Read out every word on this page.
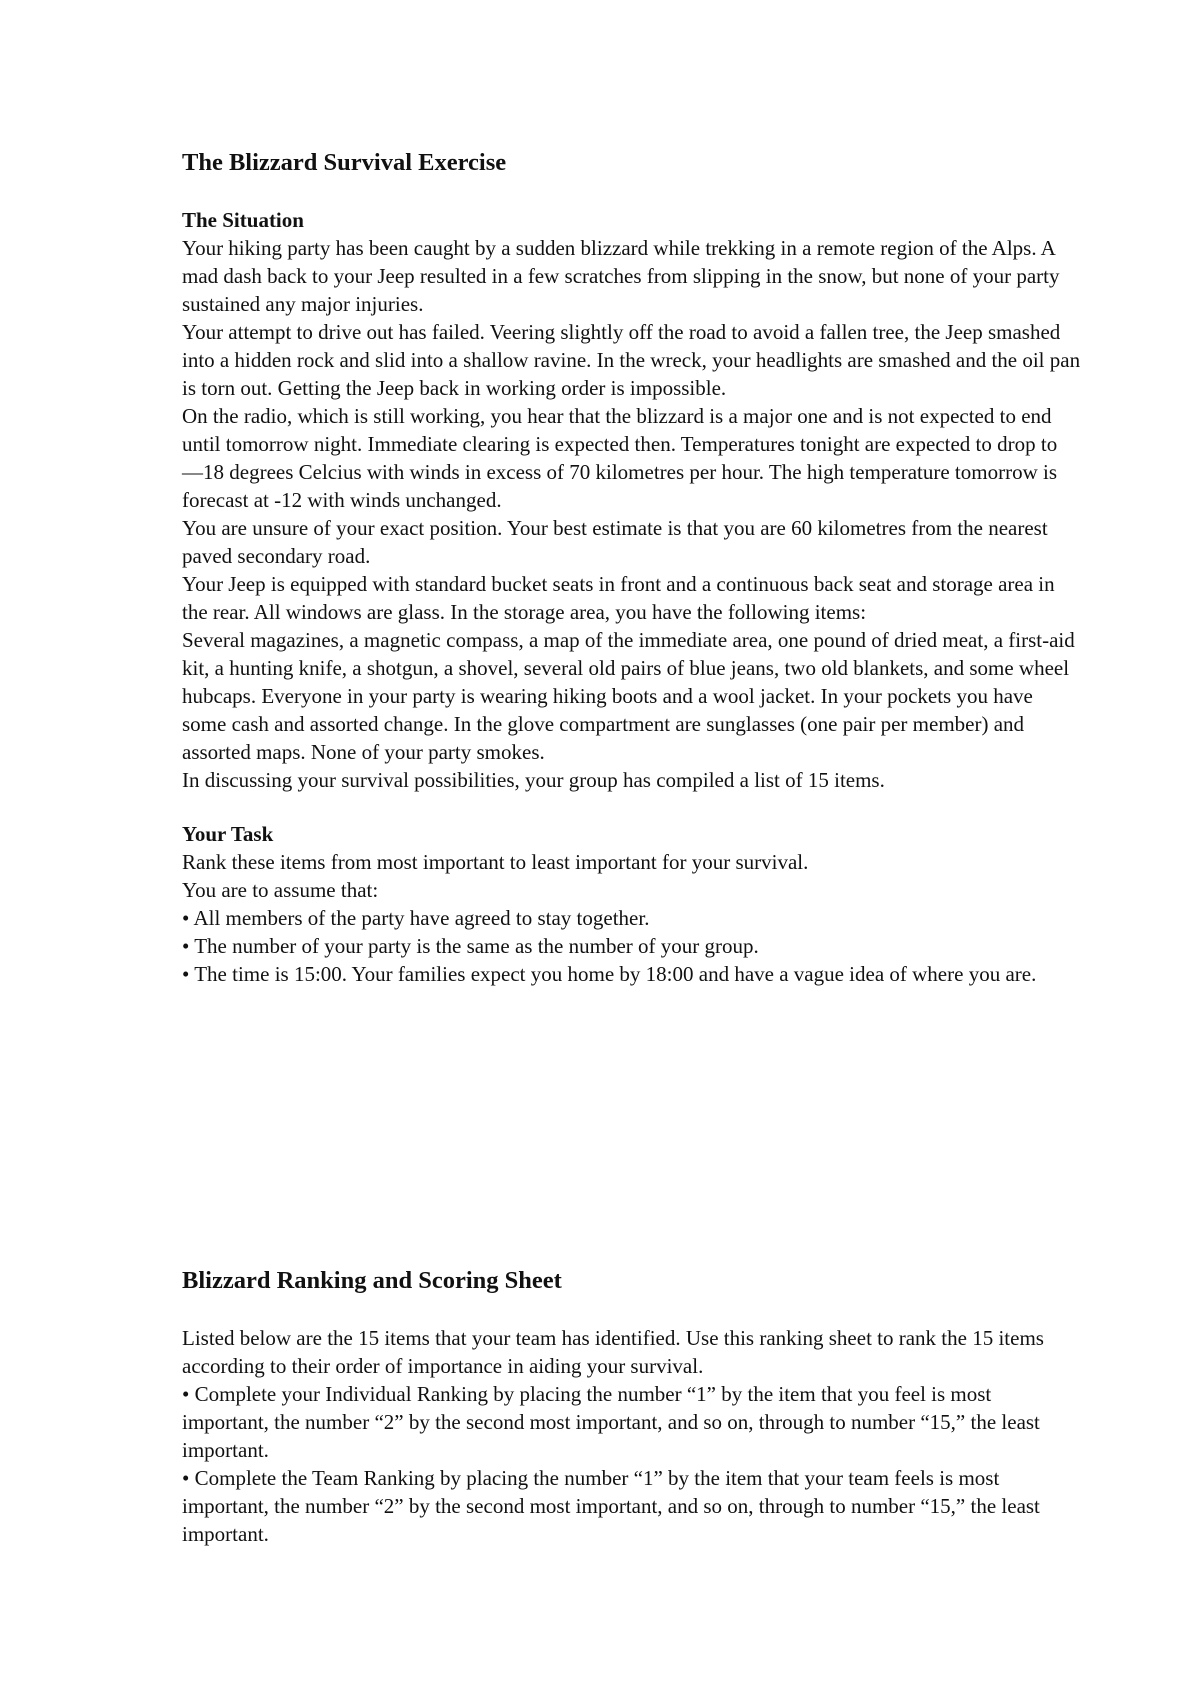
The Blizzard Survival Exercise
The Situation

Your hiking party has been caught by a sudden blizzard while trekking in a remote region of the Alps. A mad dash back to your Jeep resulted in a few scratches from slipping in the snow, but none of your party sustained any major injuries.

Your attempt to drive out has failed. Veering slightly off the road to avoid a fallen tree, the Jeep smashed into a hidden rock and slid into a shallow ravine. In the wreck, your headlights are smashed and the oil pan is torn out. Getting the Jeep back in working order is impossible.

On the radio, which is still working, you hear that the blizzard is a major one and is not expected to end until tomorrow night. Immediate clearing is expected then. Temperatures tonight are expected to drop to —18 degrees Celcius with winds in excess of 70 kilometres per hour. The high temperature tomorrow is forecast at -12 with winds unchanged.

You are unsure of your exact position. Your best estimate is that you are 60 kilometres from the nearest paved secondary road.

Your Jeep is equipped with standard bucket seats in front and a continuous back seat and storage area in the rear. All windows are glass. In the storage area, you have the following items:

Several magazines, a magnetic compass, a map of the immediate area, one pound of dried meat, a first-aid kit, a hunting knife, a shotgun, a shovel, several old pairs of blue jeans, two old blankets, and some wheel hubcaps. Everyone in your party is wearing hiking boots and a wool jacket. In your pockets you have some cash and assorted change. In the glove compartment are sunglasses (one pair per member) and assorted maps. None of your party smokes.

In discussing your survival possibilities, your group has compiled a list of 15 items.

Your Task

Rank these items from most important to least important for your survival.

You are to assume that:

• All members of the party have agreed to stay together.
• The number of your party is the same as the number of your group.
• The time is 15:00. Your families expect you home by 18:00 and have a vague idea of where you are.
Blizzard Ranking and Scoring Sheet

Listed below are the 15 items that your team has identified. Use this ranking sheet to rank the 15 items according to their order of importance in aiding your survival.

• Complete your Individual Ranking by placing the number “1” by the item that you feel is most important, the number “2” by the second most important, and so on, through to number “15,” the least important.
• Complete the Team Ranking by placing the number “1” by the item that your team feels is most important, the number “2” by the second most important, and so on, through to number “15,” the least important.
